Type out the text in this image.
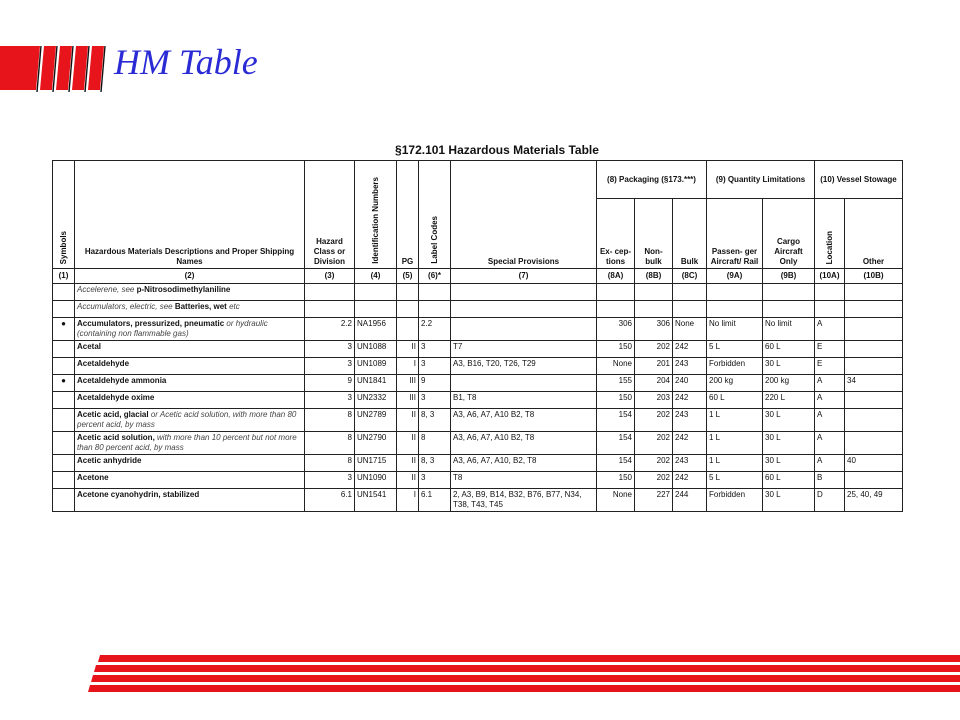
HM Table
§172.101 Hazardous Materials Table
Symbols	Hazardous Materials Descriptions and Proper Shipping Names	Hazard Class or Division	Identification Numbers	PG	Label Codes	Special Provisions	(8) Packaging (§173.***)			(9) Quantity Limitations		(10) Vessel Stowage	
							Ex- cep- tions	Non- bulk	Bulk	Passen- ger Aircraft/ Rail	Cargo Aircraft Only	Location	Other
(1)	(2)	(3)	(4)	(5)	(6)*	(7)	(8A)	(8B)	(8C)	(9A)	(9B)	(10A)	(10B)
	Accelerene, see p-Nitrosodimethylaniline												
	Accumulators, electric, see Batteries, wet etc												
●	Accumulators, pressurized, pneumatic or hydraulic (containing non flammable gas)	2.2	NA1956		2.2		306	306	None	No limit	No limit	A	
	Acetal	3	UN1088	II	3	T7	150	202	242	5 L	60 L	E	
	Acetaldehyde	3	UN1089	I	3	A3, B16, T20, T26, T29	None	201	243	Forbidden	30 L	E	
●	Acetaldehyde ammonia	9	UN1841	III	9		155	204	240	200 kg	200 kg	A	34
	Acetaldehyde oxime	3	UN2332	III	3	B1, T8	150	203	242	60 L	220 L	A	
	Acetic acid, glacial or Acetic acid solution, with more than 80 percent acid, by mass	8	UN2789	II	8, 3	A3, A6, A7, A10 B2, T8	154	202	243	1 L	30 L	A	
	Acetic acid solution, with more than 10 percent but not more than 80 percent acid, by mass	8	UN2790	II	8	A3, A6, A7, A10 B2, T8	154	202	242	1 L	30 L	A	
	Acetic anhydride	8	UN1715	II	8, 3	A3, A6, A7, A10, B2, T8	154	202	243	1 L	30 L	A	40
	Acetone	3	UN1090	II	3	T8	150	202	242	5 L	60 L	B	
	Acetone cyanohydrin, stabilized	6.1	UN1541	I	6.1	2, A3, B9, B14, B32, B76, B77, N34, T38, T43, T45	None	227	244	Forbidden	30 L	D	25, 40, 49
